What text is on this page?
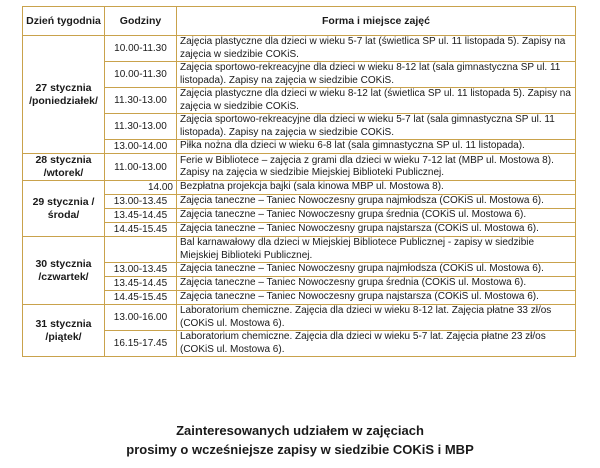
Dzień tygodnia	Godziny	Forma i miejsce zajęć
27 stycznia /poniedziałek/	10.00-11.30	Zajęcia plastyczne dla dzieci w wieku 5-7 lat (świetlica SP ul. 11 listopada 5). Zapisy na zajęcia w siedzibie COKiS.
	10.00-11.30	Zajęcia sportowo-rekreacyjne dla dzieci w wieku 8-12 lat (sala gimnastyczna SP ul. 11 listopada). Zapisy na zajęcia w siedzibie COKiS.
	11.30-13.00	Zajęcia plastyczne dla dzieci w wieku 8-12 lat (świetlica SP ul. 11 listopada 5). Zapisy na zajęcia w siedzibie COKiS.
	11.30-13.00	Zajęcia sportowo-rekreacyjne dla dzieci w wieku 5-7 lat (sala gimnastyczna SP ul. 11 listopada). Zapisy na zajęcia w siedzibie COKiS.
	13.00-14.00	Piłka nożna dla dzieci w wieku 6-8 lat (sala gimnastyczna SP ul. 11 listopada).
28 stycznia /wtorek/	11.00-13.00	Ferie w Bibliotece – zajęcia z grami dla dzieci w wieku 7-12 lat (MBP ul. Mostowa 8). Zapisy na zajęcia w siedzibie Miejskiej Biblioteki Publicznej.
29 stycznia /środa/	14.00	Bezpłatna projekcja bajki (sala kinowa MBP ul. Mostowa 8).
	13.00-13.45	Zajęcia taneczne – Taniec Nowoczesny grupa najmłodsza (COKiS ul. Mostowa 6).
	13.45-14.45	Zajęcia taneczne – Taniec Nowoczesny grupa średnia (COKiS ul. Mostowa 6).
	14.45-15.45	Zajęcia taneczne – Taniec Nowoczesny grupa najstarsza (COKiS ul. Mostowa 6).
30 stycznia /czwartek/		Bal karnawałowy dla dzieci w Miejskiej Bibliotece Publicznej - zapisy w siedzibie Miejskiej Biblioteki Publicznej.
	13.00-13.45	Zajęcia taneczne – Taniec Nowoczesny grupa najmłodsza (COKiS ul. Mostowa 6).
	13.45-14.45	Zajęcia taneczne – Taniec Nowoczesny grupa średnia (COKiS ul. Mostowa 6).
	14.45-15.45	Zajęcia taneczne – Taniec Nowoczesny grupa najstarsza (COKiS ul. Mostowa 6).
31 stycznia /piątek/	13.00-16.00	Laboratorium chemiczne. Zajęcia dla dzieci w wieku 8-12 lat. Zajęcia płatne 33 zł/os (COKiS ul. Mostowa 6).
	16.15-17.45	Laboratorium chemiczne. Zajęcia dla dzieci w wieku 5-7 lat. Zajęcia płatne 23 zł/os (COKiS ul. Mostowa 6).
Zainteresowanych udziałem w zajęciach
prosimy o wcześniejsze zapisy w siedzibie COKiS i MBP
